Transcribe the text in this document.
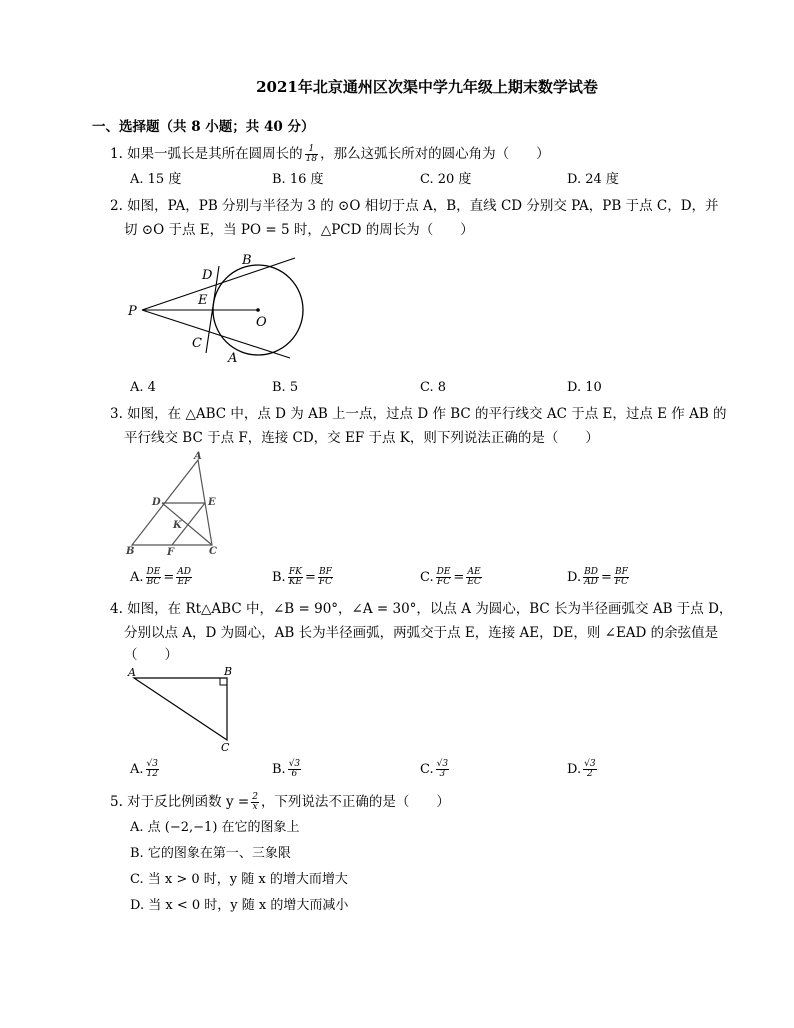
2021年北京通州区次渠中学九年级上期末数学试卷
一、选择题（共 8 小题；共 40 分）
1. 如果一弧长是其所在圆周长的 $\frac{1}{18}$ ，那么这弧长所对的圆心角为（　　）
A. 15 度	B. 16 度	C. 20 度	D. 24 度
2. 如图，PA，PB 分别与半径为 3 的 ⊙O 相切于点 A，B，直线 CD 分别交 PA，PB 于点 C，D，并
切 ⊙O 于点 E，当 PO = 5 时，△PCD 的周长为（　　）
P
B
D
E
O
C
A
A. 4	B. 5	C. 8	D. 10
3. 如图，在 △ABC 中，点 D 为 AB 上一点，过点 D 作 BC 的平行线交 AC 于点 E，过点 E 作 AB 的
平行线交 BC 于点 F，连接 CD，交 EF 于点 K，则下列说法正确的是（　　）
A
D	E
K
B	F	C
A. $\frac{DE}{BC} = \frac{AD}{EF}$	B. $\frac{FK}{KE} = \frac{BF}{FC}$	C. $\frac{DE}{FC} = \frac{AE}{EC}$	D. $\frac{BD}{AD} = \frac{BF}{FC}$
4. 如图，在 Rt△ABC 中，∠B = 90°，∠A = 30°，以点 A 为圆心，BC 长为半径画弧交 AB 于点 D，
分别以点 A，D 为圆心，AB 长为半径画弧，两弧交于点 E，连接 AE，DE，则 ∠EAD 的余弦值是
（　　）
A	B
C
A. $\frac{√3}{12}$	B. $\frac{√3}{6}$	C. $\frac{√3}{3}$	D. $\frac{√3}{2}$
5. 对于反比例函数 $y = \frac{2}{x}$ ，下列说法不正确的是（　　）
A. 点 (−2,−1) 在它的图象上
B. 它的图象在第一、三象限
C. 当 x > 0 时，y 随 x 的增大而增大
D. 当 x < 0 时，y 随 x 的增大而减小
